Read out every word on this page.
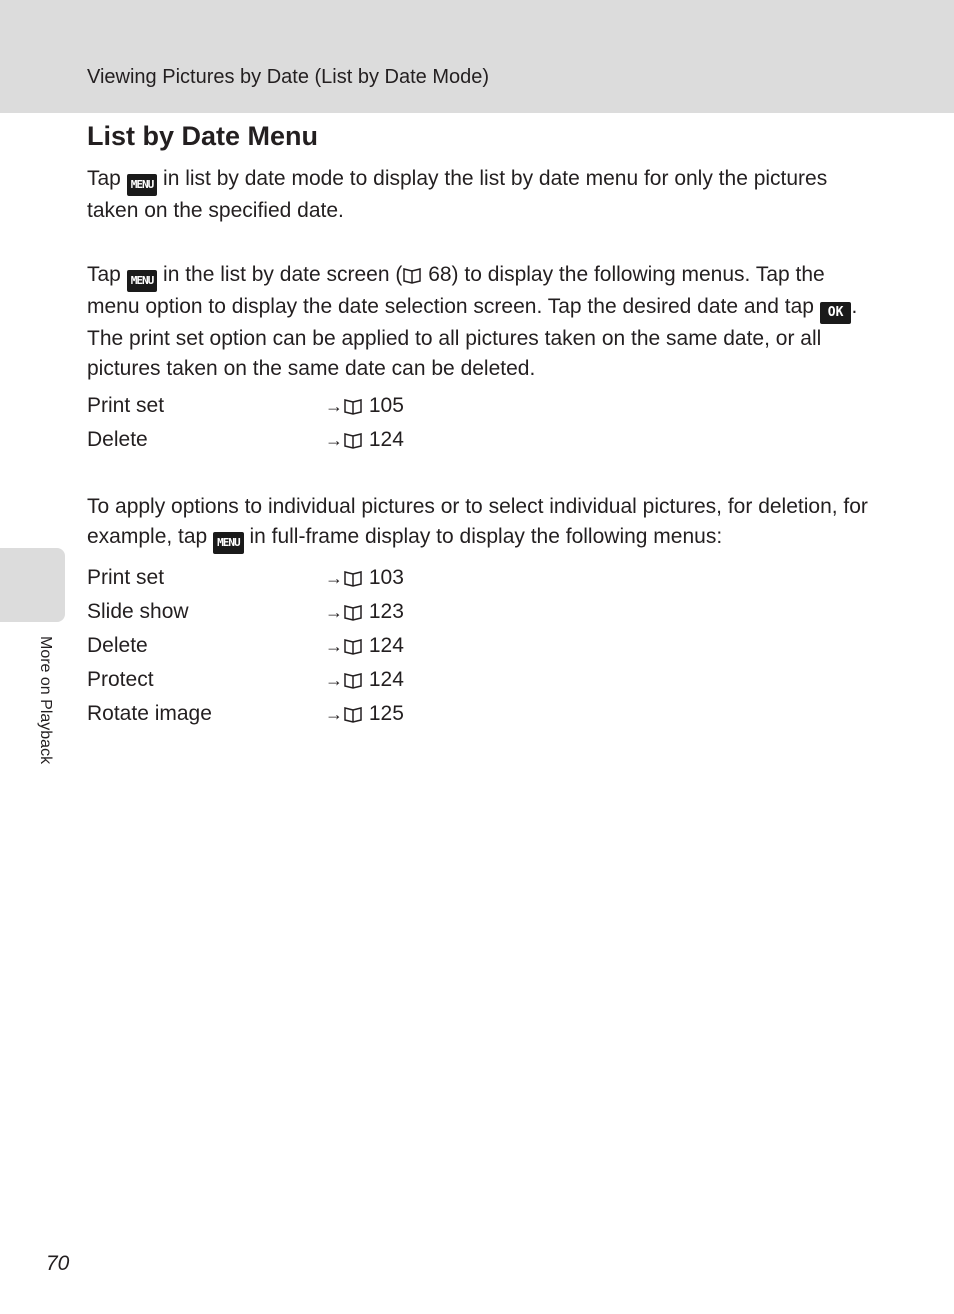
Viewing Pictures by Date (List by Date Mode)
More on Playback
List by Date Menu

Tap MENU in list by date mode to display the list by date menu for only the pictures taken on the specified date.

Tap MENU in the list by date screen ( 68) to display the following menus. Tap the menu option to display the date selection screen. Tap the desired date and tap OK . The print set option can be applied to all pictures taken on the same date, or all pictures taken on the same date can be deleted.

Print set	→ 105
Delete	→ 124

To apply options to individual pictures or to select individual pictures, for deletion, for example, tap MENU in full-frame display to display the following menus:

Print set	→ 103
Slide show	→ 123
Delete	→ 124
Protect	→ 124
Rotate image	→ 125
70
